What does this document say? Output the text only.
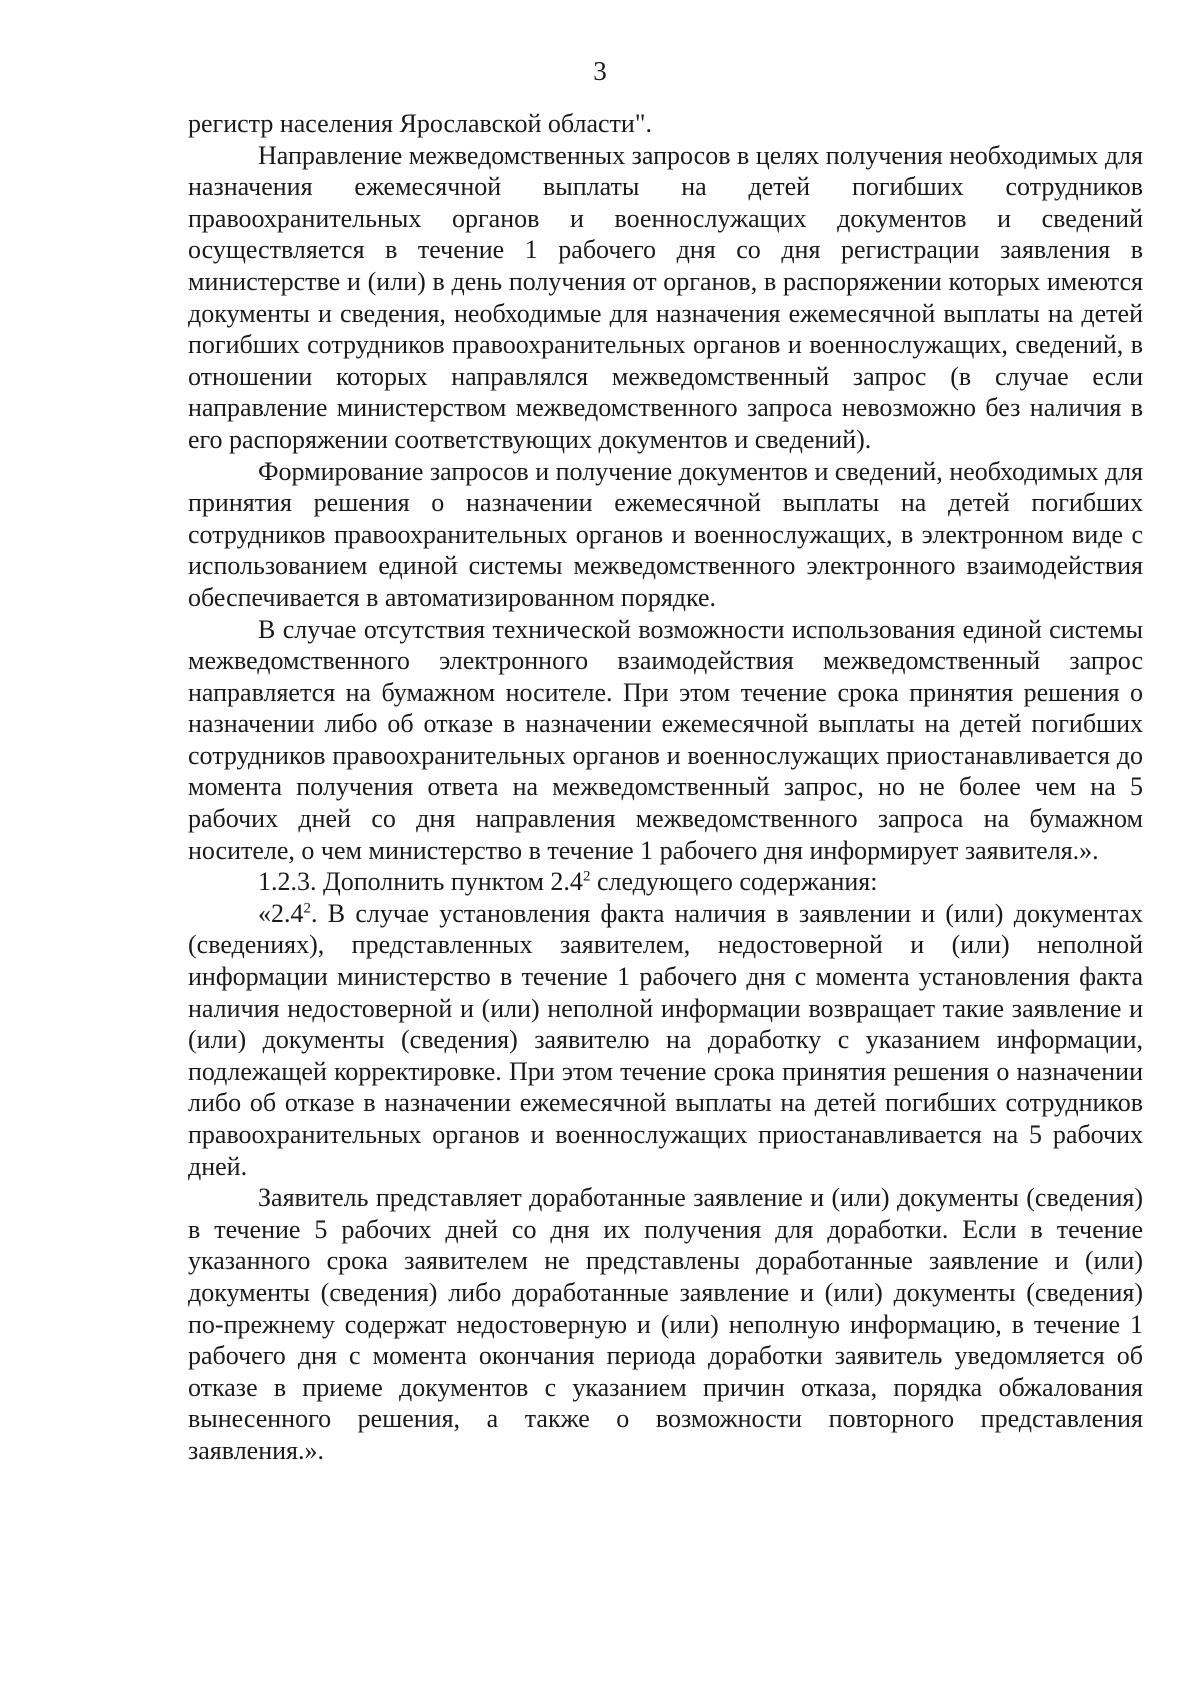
3

регистр населения Ярославской области".

Направление межведомственных запросов в целях получения необходимых для назначения ежемесячной выплаты на детей погибших сотрудников правоохранительных органов и военнослужащих документов и сведений осуществляется в течение 1 рабочего дня со дня регистрации заявления в министерстве и (или) в день получения от органов, в распоряжении которых имеются документы и сведения, необходимые для назначения ежемесячной выплаты на детей погибших сотрудников правоохранительных органов и военнослужащих, сведений, в отношении которых направлялся межведомственный запрос (в случае если направление министерством межведомственного запроса невозможно без наличия в его распоряжении соответствующих документов и сведений).

Формирование запросов и получение документов и сведений, необходимых для принятия решения о назначении ежемесячной выплаты на детей погибших сотрудников правоохранительных органов и военнослужащих, в электронном виде с использованием единой системы межведомственного электронного взаимодействия обеспечивается в автоматизированном порядке.

В случае отсутствия технической возможности использования единой системы межведомственного электронного взаимодействия межведомственный запрос направляется на бумажном носителе. При этом течение срока принятия решения о назначении либо об отказе в назначении ежемесячной выплаты на детей погибших сотрудников правоохранительных органов и военнослужащих приостанавливается до момента получения ответа на межведомственный запрос, но не более чем на 5 рабочих дней со дня направления межведомственного запроса на бумажном носителе, о чем министерство в течение 1 рабочего дня информирует заявителя.».

1.2.3. Дополнить пунктом $2.4^2$ следующего содержания:

«$2.4^2$. В случае установления факта наличия в заявлении и (или) документах (сведениях), представленных заявителем, недостоверной и (или) неполной информации министерство в течение 1 рабочего дня с момента установления факта наличия недостоверной и (или) неполной информации возвращает такие заявление и (или) документы (сведения) заявителю на доработку с указанием информации, подлежащей корректировке. При этом течение срока принятия решения о назначении либо об отказе в назначении ежемесячной выплаты на детей погибших сотрудников правоохранительных органов и военнослужащих приостанавливается на 5 рабочих дней.

Заявитель представляет доработанные заявление и (или) документы (сведения) в течение 5 рабочих дней со дня их получения для доработки. Если в течение указанного срока заявителем не представлены доработанные заявление и (или) документы (сведения) либо доработанные заявление и (или) документы (сведения) по-прежнему содержат недостоверную и (или) неполную информацию, в течение 1 рабочего дня с момента окончания периода доработки заявитель уведомляется об отказе в приеме документов с указанием причин отказа, порядка обжалования вынесенного решения, а также о возможности повторного представления заявления.».
